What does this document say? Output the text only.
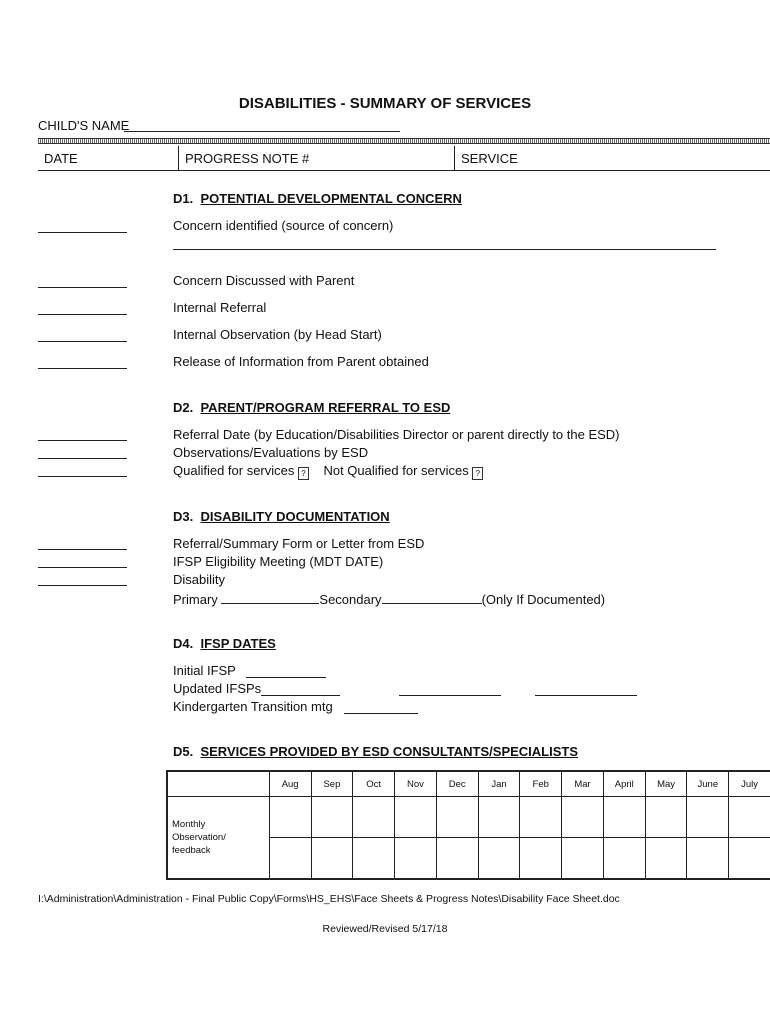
DISABILITIES - SUMMARY OF SERVICES
CHILD'S NAME
DATE	PROGRESS NOTE #	SERVICE
D1. POTENTIAL DEVELOPMENTAL CONCERN
Concern identified (source of concern)
Concern Discussed with Parent
Internal Referral
Internal Observation (by Head Start)
Release of Information from Parent obtained
D2. PARENT/PROGRAM REFERRAL TO ESD
Referral Date (by Education/Disabilities Director or parent directly to the ESD)
Observations/Evaluations by ESD
Qualified for services ? Not Qualified for services ?
D3. DISABILITY DOCUMENTATION
Referral/Summary Form or Letter from ESD
IFSP Eligibility Meeting (MDT DATE)
Disability
Primary	Secondary	(Only If Documented)
D4. IFSP DATES
Initial IFSP
Updated IFSPs
Kindergarten Transition mtg
D5. SERVICES PROVIDED BY ESD CONSULTANTS/SPECIALISTS
	Aug	Sep	Oct	Nov	Dec	Jan	Feb	Mar	April	May	June	July

Monthly
Observation/
feedback												

I:\Administration\Administration - Final Public Copy\Forms\HS_EHS\Face Sheets & Progress Notes\Disability Face Sheet.doc
Reviewed/Revised 5/17/18
